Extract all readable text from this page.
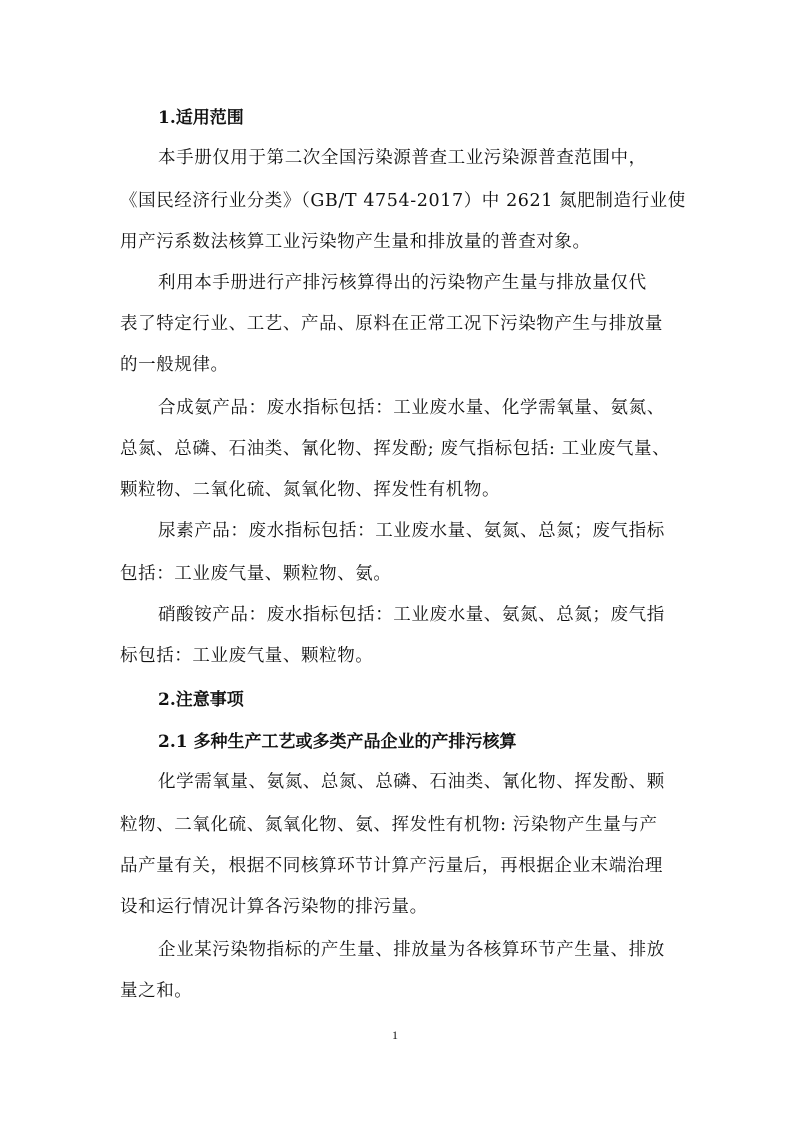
1.适用范围
本手册仅用于第二次全国污染源普查工业污染源普查范围中，
《国民经济行业分类》（GB/T 4754-2017）中 2621 氮肥制造行业使
用产污系数法核算工业污染物产生量和排放量的普查对象。
利用本手册进行产排污核算得出的污染物产生量与排放量仅代
表了特定行业、工艺、产品、原料在正常工况下污染物产生与排放量
的一般规律。
合成氨产品：废水指标包括：工业废水量、化学需氧量、氨氮、
总氮、总磷、石油类、氰化物、挥发酚; 废气指标包括: 工业废气量、
颗粒物、二氧化硫、氮氧化物、挥发性有机物。
尿素产品：废水指标包括：工业废水量、氨氮、总氮；废气指标
包括：工业废气量、颗粒物、氨。
硝酸铵产品：废水指标包括：工业废水量、氨氮、总氮；废气指
标包括：工业废气量、颗粒物。
2.注意事项
2.1 多种生产工艺或多类产品企业的产排污核算
化学需氧量、氨氮、总氮、总磷、石油类、氰化物、挥发酚、颗
粒物、二氧化硫、氮氧化物、氨、挥发性有机物: 污染物产生量与产
品产量有关，根据不同核算环节计算产污量后，再根据企业末端治理
设和运行情况计算各污染物的排污量。
企业某污染物指标的产生量、排放量为各核算环节产生量、排放
量之和。
1
